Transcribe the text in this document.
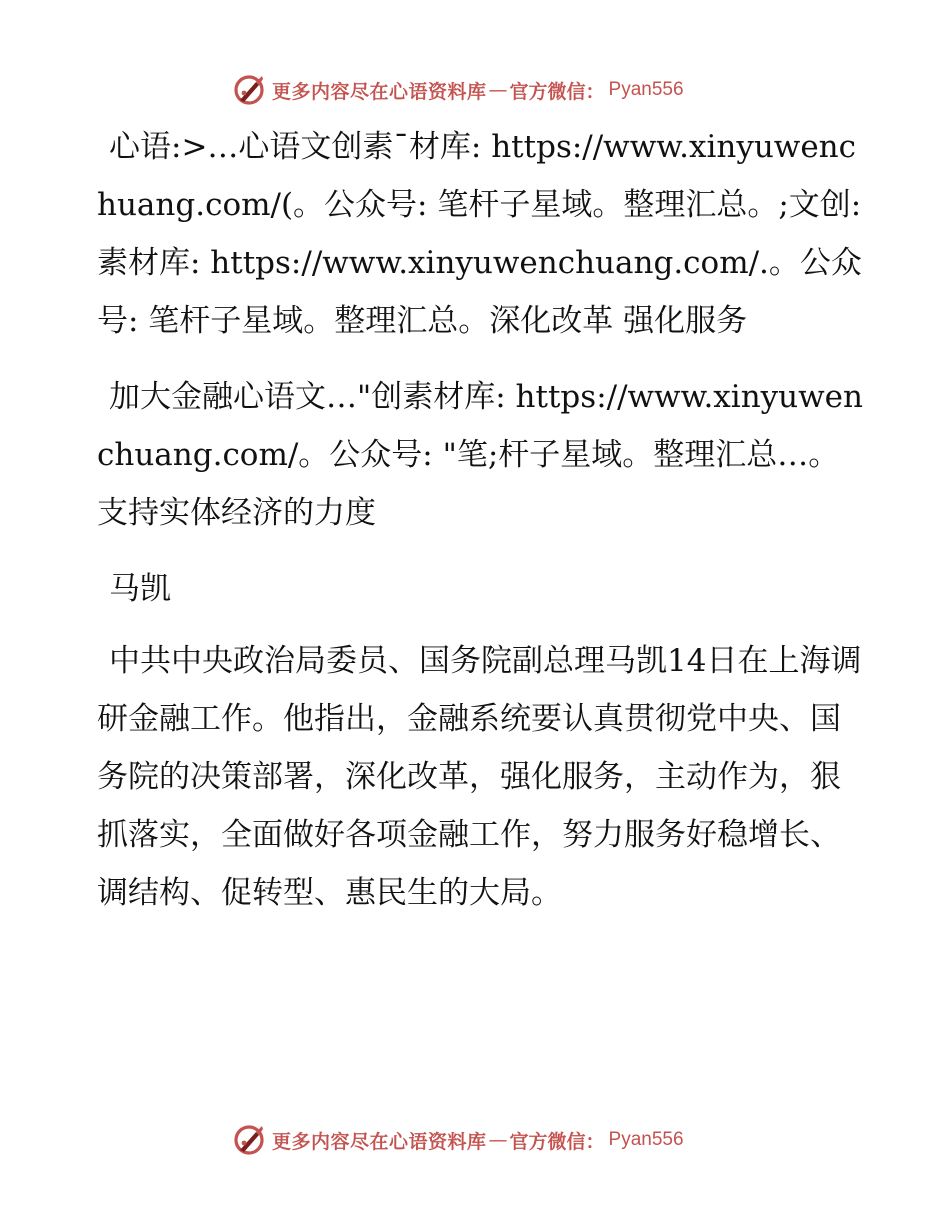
更多内容尽在心语资料库 — 官方微信： Pyan556

心语:>…心语文创素¯材库: https://www.xinyuwenchuang.com/(。公众号: 笔杆子星域。整理汇总。;文创:素材库: https://www.xinyuwenchuang.com/.。公众号: 笔杆子星域。整理汇总。深化改革 强化服务

加大金融心语文…"创素材库: https://www.xinyuwenchuang.com/。公众号: "笔;杆子星域。整理汇总…。支持实体经济的力度

马凯

中共中央政治局委员、国务院副总理马凯14日在上海调研金融工作。他指出，金融系统要认真贯彻党中央、国务院的决策部署，深化改革，强化服务，主动作为，狠抓落实，全面做好各项金融工作，努力服务好稳增长、调结构、促转型、惠民生的大局。

更多内容尽在心语资料库 — 官方微信： Pyan556
